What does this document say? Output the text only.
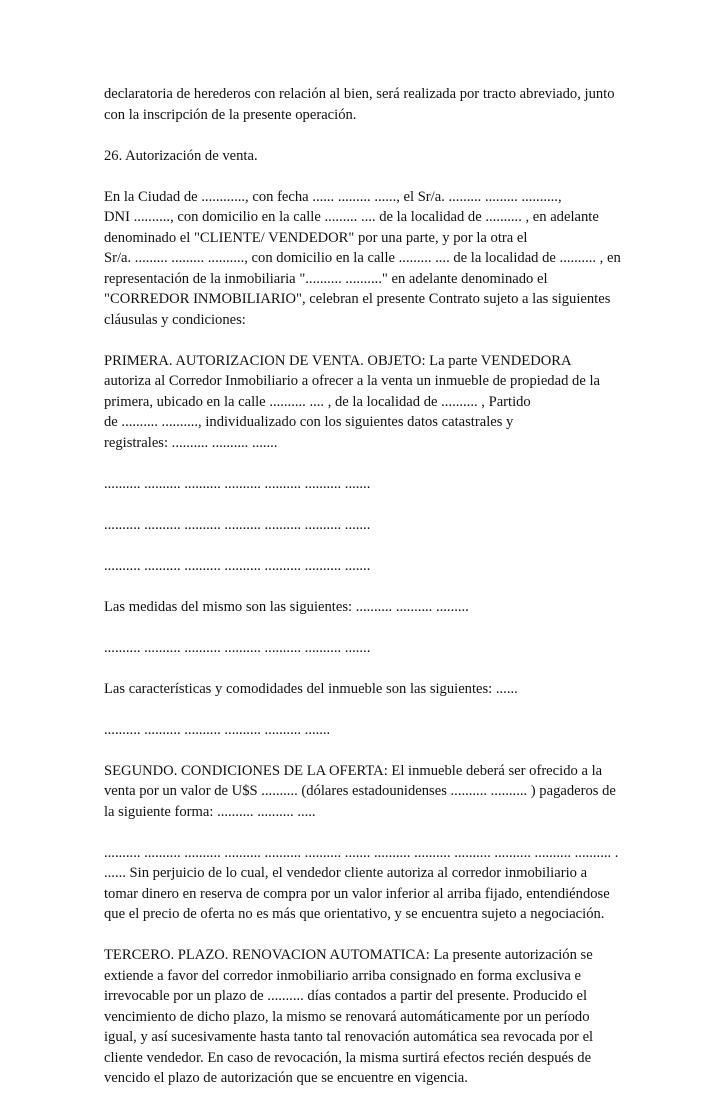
declaratoria de herederos con relación al bien, será realizada por tracto abreviado, junto
con la inscripción de la presente operación.
26. Autorización de venta.
En la Ciudad de ............, con fecha ...... ......... ......, el Sr/a. ......... ......... ..........,
DNI .........., con domicilio en la calle ......... .... de la localidad de .......... , en adelante
denominado el "CLIENTE/ VENDEDOR" por una parte, y por la otra el
Sr/a. ......... ......... .........., con domicilio en la calle ......... .... de la localidad de .......... , en
representación de la inmobiliaria ".......... .........." en adelante denominado el
"CORREDOR INMOBILIARIO", celebran el presente Contrato sujeto a las siguientes
cláusulas y condiciones:
PRIMERA. AUTORIZACION DE VENTA. OBJETO: La parte VENDEDORA
autoriza al Corredor Inmobiliario a ofrecer a la venta un inmueble de propiedad de la
primera, ubicado en la calle .......... .... , de la localidad de .......... , Partido
de .......... .........., individualizado con los siguientes datos catastrales y
registrales: .......... .......... .......
.......... .......... .......... .......... .......... .......... .......
.......... .......... .......... .......... .......... .......... .......
.......... .......... .......... .......... .......... .......... .......
Las medidas del mismo son las siguientes: .......... .......... .........
.......... .......... .......... .......... .......... .......... .......
Las características y comodidades del inmueble son las siguientes: ......
.......... .......... .......... .......... .......... .......
SEGUNDO. CONDICIONES DE LA OFERTA: El inmueble deberá ser ofrecido a la
venta por un valor de U$S .......... (dólares estadounidenses .......... .......... ) pagaderos de
la siguiente forma: .......... .......... .....
.......... .......... .......... .......... .......... .......... ....... .......... .......... .......... .......... .......... .......... .
...... Sin perjuicio de lo cual, el vendedor cliente autoriza al corredor inmobiliario a
tomar dinero en reserva de compra por un valor inferior al arriba fijado, entendiéndose
que el precio de oferta no es más que orientativo, y se encuentra sujeto a negociación.
TERCERO. PLAZO. RENOVACION AUTOMATICA: La presente autorización se
extiende a favor del corredor inmobiliario arriba consignado en forma exclusiva e
irrevocable por un plazo de .......... días contados a partir del presente. Producido el
vencimiento de dicho plazo, la mismo se renovará automáticamente por un período
igual, y así sucesivamente hasta tanto tal renovación automática sea revocada por el
cliente vendedor. En caso de revocación, la misma surtirá efectos recién después de
vencido el plazo de autorización que se encuentre en vigencia.
